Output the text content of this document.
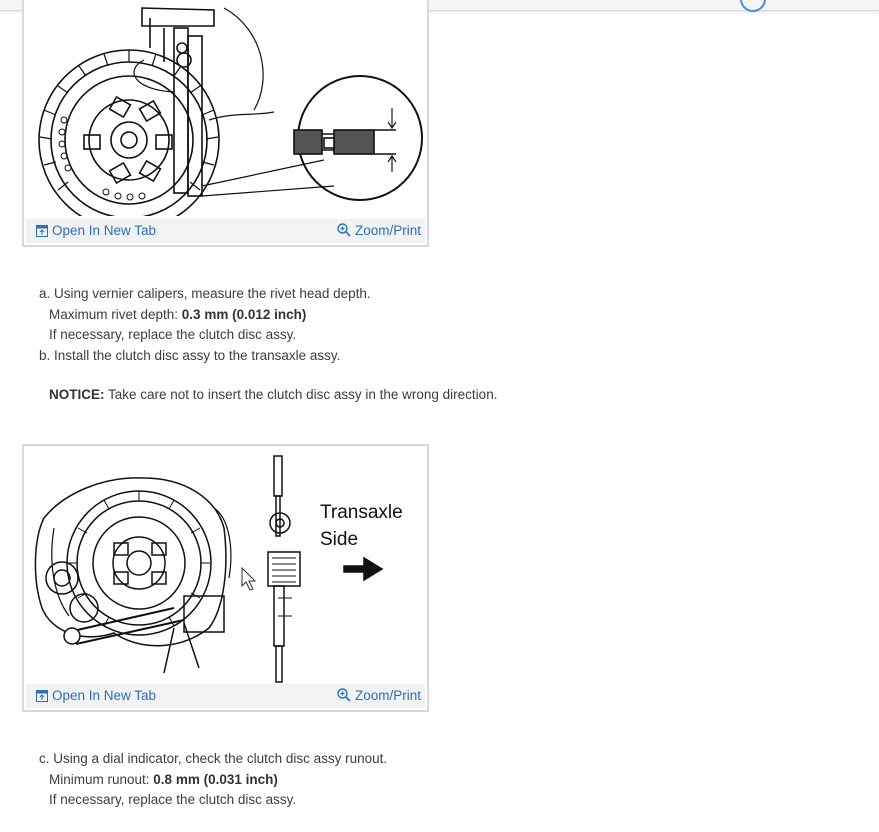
Open In New Tab	Zoom/Print
a. Using vernier calipers, measure the rivet head depth.
Maximum rivet depth: 0.3 mm (0.012 inch)
If necessary, replace the clutch disc assy.
b. Install the clutch disc assy to the transaxle assy.
NOTICE: Take care not to insert the clutch disc assy in the wrong direction.
Transaxle
Side
Open In New Tab	Zoom/Print
c. Using a dial indicator, check the clutch disc assy runout.
Minimum runout: 0.8 mm (0.031 inch)
If necessary, replace the clutch disc assy.
